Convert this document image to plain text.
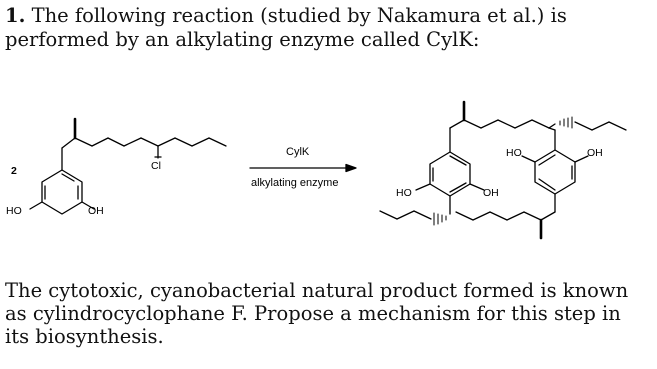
1. The following reaction (studied by Nakamura et al.) is performed by an alkylating enzyme called CylK:
2
HO	OH
Cl
CylK
alkylating enzyme
HO	OH
HO	OH
The cytotoxic, cyanobacterial natural product formed is known as cylindrocyclophane F. Propose a mechanism for this step in its biosynthesis.
